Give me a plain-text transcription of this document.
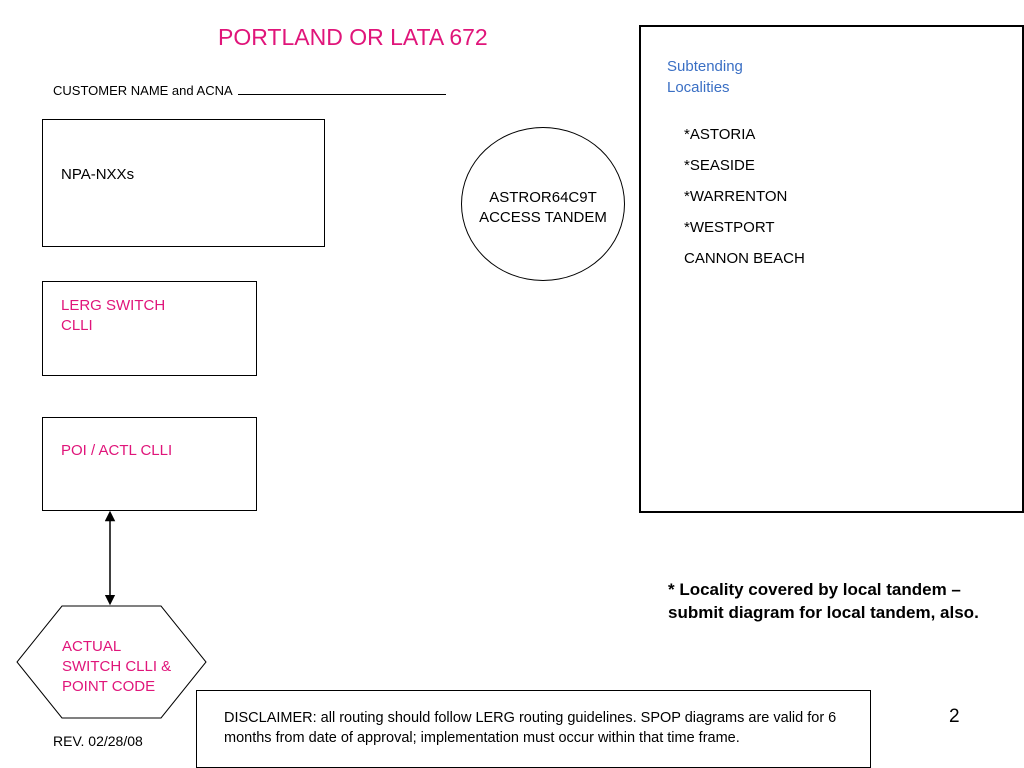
PORTLAND OR LATA 672
CUSTOMER NAME and ACNA
NPA-NXXs
LERG SWITCH
CLLI
POI / ACTL CLLI
ACTUAL
SWITCH CLLI &
POINT CODE
ASTROR64C9T
ACCESS TANDEM
Subtending
Localities
*ASTORIA
*SEASIDE
*WARRENTON
*WESTPORT
CANNON BEACH
* Locality covered by local tandem – submit diagram for local tandem, also.
DISCLAIMER: all routing should follow LERG routing guidelines. SPOP diagrams are valid for 6 months from date of approval; implementation must occur within that time frame.
REV. 02/28/08
2
